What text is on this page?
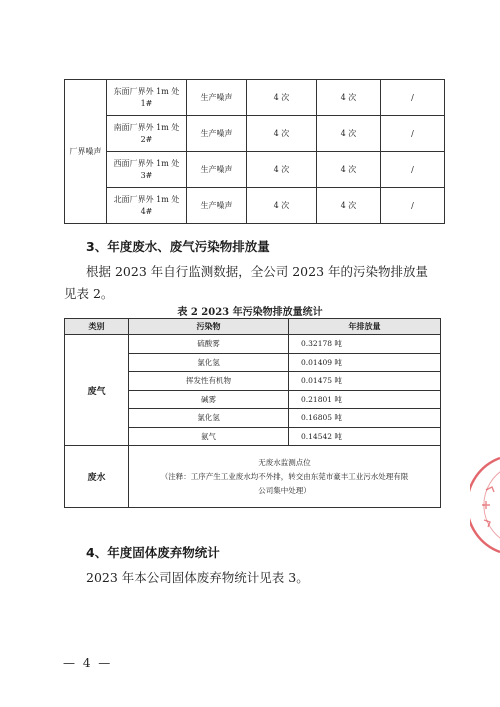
厂界噪声	东面厂界外 1m 处 1#	生产噪声	4 次	4 次	/
	南面厂界外 1m 处 2#	生产噪声	4 次	4 次	/
	西面厂界外 1m 处 3#	生产噪声	4 次	4 次	/
	北面厂界外 1m 处 4#	生产噪声	4 次	4 次	/
3、年度废水、废气污染物排放量
根据 2023 年自行监测数据，全公司 2023 年的污染物排放量
见表 2。
表 2 2023 年污染物排放量统计
类别	污染物	年排放量
废气	硫酸雾	0.32178 吨
	氯化氢	0.01409 吨
	挥发性有机物	0.01475 吨
	碱雾	0.21801 吨
	氯化氢	0.16805 吨
	氨气	0.14542 吨
废水	无废水监测点位
（注释：工序产生工业废水均不外排，转交由东莞市豪丰工业污水处理有限
公司集中处理）	
4、年度固体废弃物统计
2023 年本公司固体废弃物统计见表 3。
— 4 —
